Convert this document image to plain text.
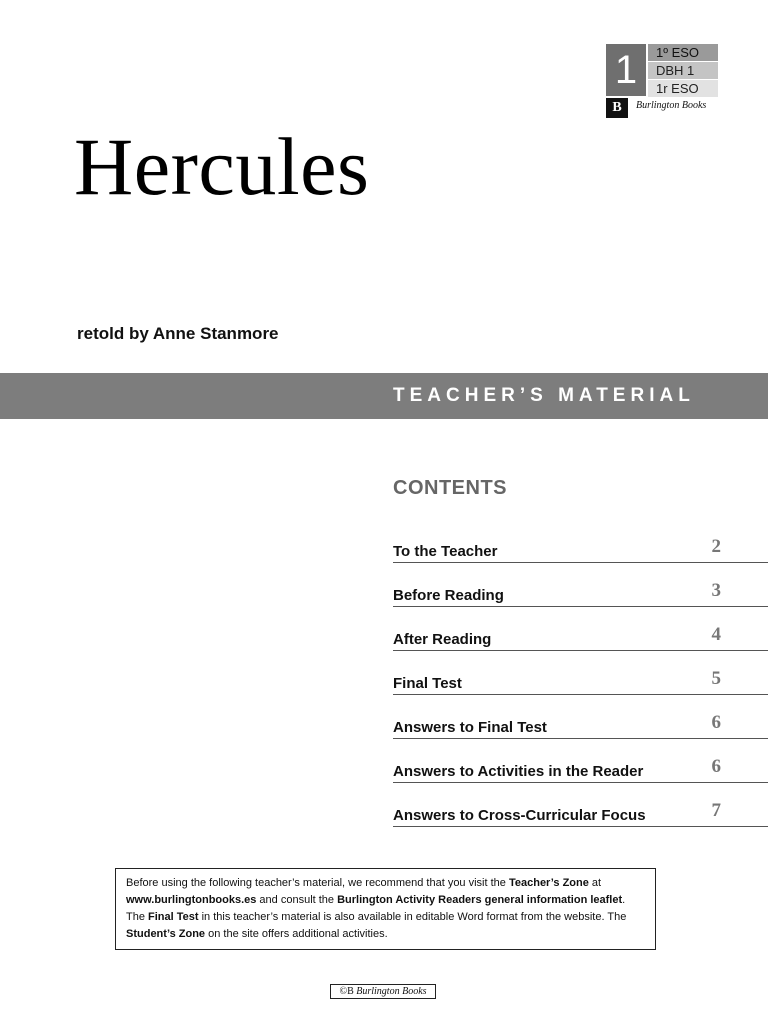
1	1º ESO
DBH 1
1r ESO
B	Burlington Books
Hercules
retold by Anne Stanmore
TEACHER’S MATERIAL
CONTENTS
To the Teacher	2
Before Reading	3
After Reading	4
Final Test	5
Answers to Final Test	6
Answers to Activities in the Reader	6
Answers to Cross-Curricular Focus	7
Before using the following teacher’s material, we recommend that you visit the Teacher’s Zone at www.burlingtonbooks.es and consult the Burlington Activity Readers general information leaflet. The Final Test in this teacher’s material is also available in editable Word format from the website. The Student’s Zone on the site offers additional activities.
©B Burlington Books
